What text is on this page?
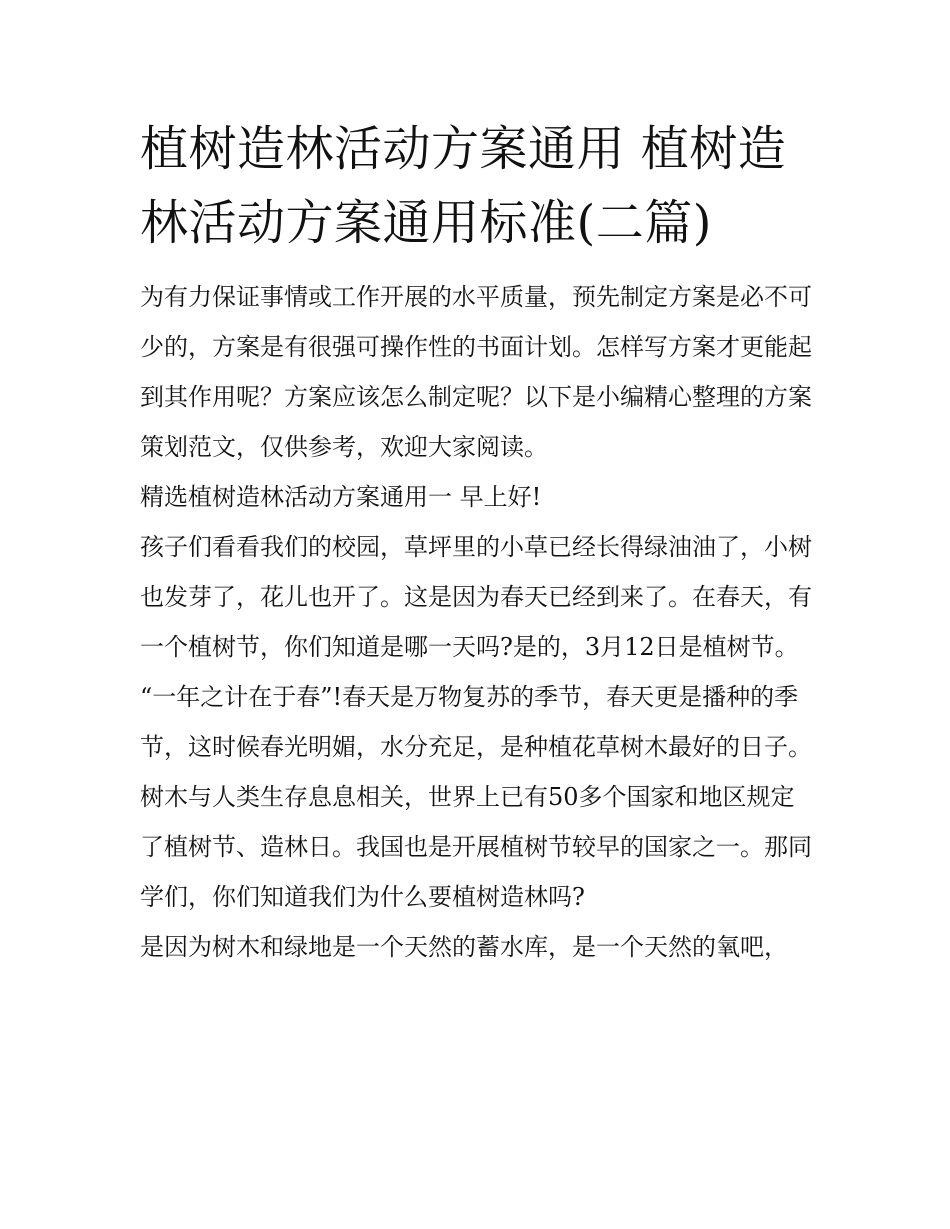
植树造林活动方案通用 植树造林活动方案通用标准(二篇)

为有力保证事情或工作开展的水平质量，预先制定方案是必不可少的，方案是有很强可操作性的书面计划。怎样写方案才更能起到其作用呢？方案应该怎么制定呢？以下是小编精心整理的方案策划范文，仅供参考，欢迎大家阅读。

精选植树造林活动方案通用一 早上好!

孩子们看看我们的校园，草坪里的小草已经长得绿油油了，小树也发芽了，花儿也开了。这是因为春天已经到来了。在春天，有一个植树节，你们知道是哪一天吗?是的，3月12日是植树节。

“一年之计在于春”!春天是万物复苏的季节，春天更是播种的季节，这时候春光明媚，水分充足，是种植花草树木最好的日子。

树木与人类生存息息相关，世界上已有50多个国家和地区规定了植树节、造林日。我国也是开展植树节较早的国家之一。那同学们，你们知道我们为什么要植树造林吗?

是因为树木和绿地是一个天然的蓄水库，是一个天然的氧吧，
